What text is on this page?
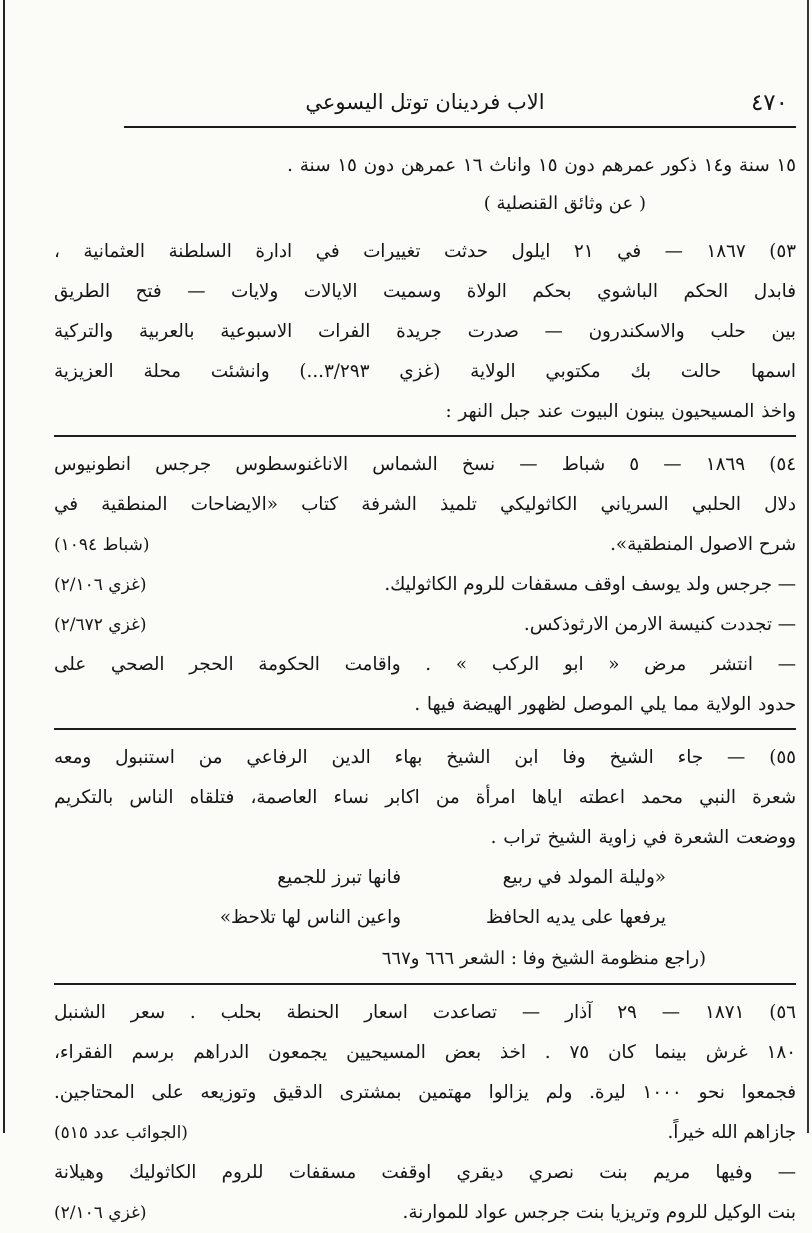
٤٧٠
الاب فردينان توتل اليسوعي
١٥ سنة و١٤ ذكور عمرهم دون ١٥ واناث ١٦ عمرهن دون ١٥ سنة .
( عن وثائق القنصلية )
٥٣) ١٨٦٧ — في ٢١ ايلول حدثت تغييرات في ادارة السلطنة العثمانية ،
فابدل الحكم الباشوي بحكم الولاة وسميت الايالات ولايات — فتح الطريق
بين حلب والاسكندرون — صدرت جريدة الفرات الاسبوعية بالعربية والتركية
اسمها حالت بك مكتوبي الولاية (غزي ٣/٢٩٣...) وانشئت محلة العزيزية
واخذ المسيحيون يبنون البيوت عند جبل النهر :
٥٤) ١٨٦٩ — ٥ شباط — نسخ الشماس الاناغنوسطوس جرجس انطونيوس
دلال الحلبي السرياني الكاثوليكي تلميذ الشرفة كتاب «الايضاحات المنطقية في
شرح الاصول المنطقية».
(شباط ١٠٩٤)
— جرجس ولد يوسف اوقف مسقفات للروم الكاثوليك.
(غزي ٢/١٠٦)
— تجددت كنيسة الارمن الارثوذكس.
(غزي ٢/٦٧٢)
— انتشر مرض « ابو الركب » . واقامت الحكومة الحجر الصحي على
حدود الولاية مما يلي الموصل لظهور الهيضة فيها .
٥٥) — جاء الشيخ وفا ابن الشيخ بهاء الدين الرفاعي من استنبول ومعه
شعرة النبي محمد اعطته اياها امرأة من اكابر نساء العاصمة، فتلقاه الناس بالتكريم
ووضعت الشعرة في زاوية الشيخ تراب .
«وليلة المولد في ربيع
فانها تبرز للجميع
يرفعها على يديه الحافظ
واعين الناس لها تلاحظ»
(راجع منظومة الشيخ وفا : الشعر ٦٦٦ و٦٦٧
٥٦) ١٨٧١ — ٢٩ آذار — تصاعدت اسعار الحنطة بحلب . سعر الشنبل
١٨٠ غرش بينما كان ٧٥ . اخذ بعض المسيحيين يجمعون الدراهم برسم الفقراء،
فجمعوا نحو ١٠٠٠ ليرة. ولم يزالوا مهتمين بمشترى الدقيق وتوزيعه على المحتاجين.
جازاهم الله خيراً.
(الجوائب عدد ٥١٥)
— وفيها مريم بنت نصري ديقري اوقفت مسقفات للروم الكاثوليك وهيلانة
بنت الوكيل للروم وتريزيا بنت جرجس عواد للموارنة.
(غزي ٢/١٠٦)
